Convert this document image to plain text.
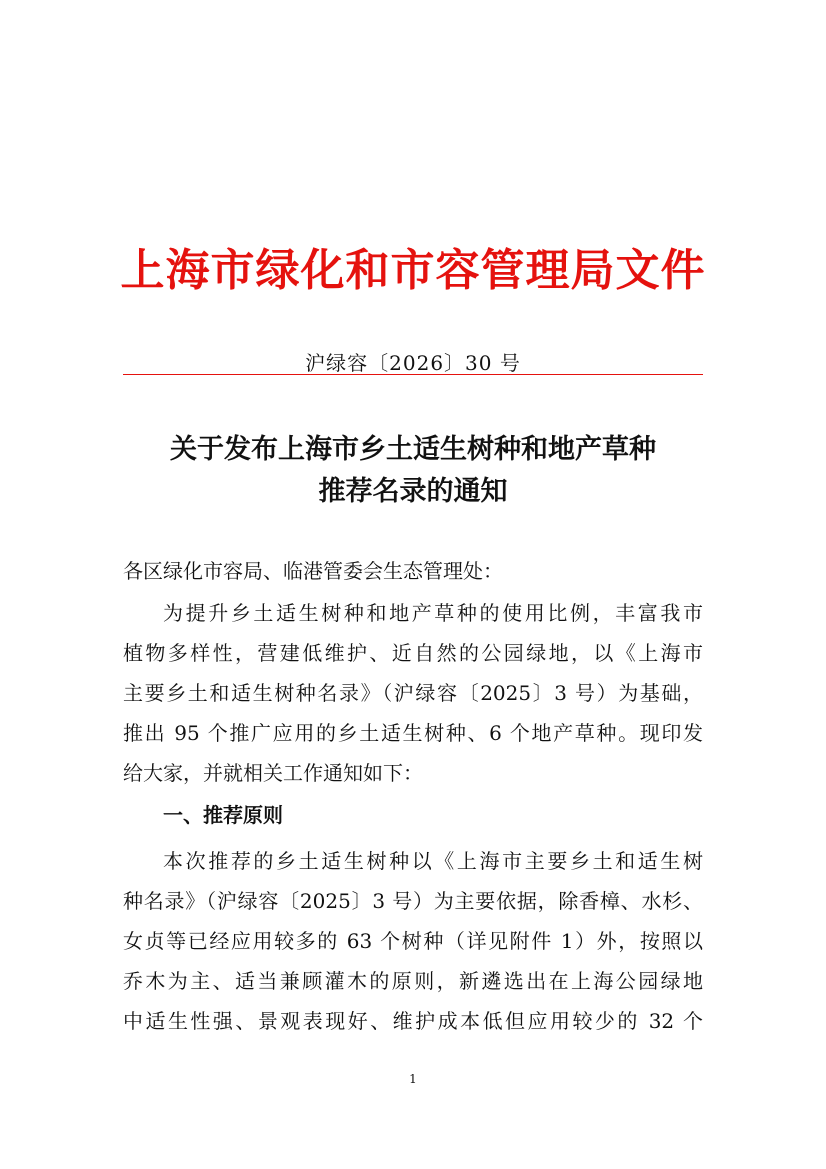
上海市绿化和市容管理局文件
沪绿容〔2026〕30 号
关于发布上海市乡土适生树种和地产草种
推荐名录的通知
各区绿化市容局、临港管委会生态管理处：
为提升乡土适生树种和地产草种的使用比例，丰富我市
植物多样性，营建低维护、近自然的公园绿地，以《上海市
主要乡土和适生树种名录》（沪绿容〔2025〕3 号）为基础，
推出 95 个推广应用的乡土适生树种、6 个地产草种。现印发
给大家，并就相关工作通知如下：
一、推荐原则
本次推荐的乡土适生树种以《上海市主要乡土和适生树
种名录》（沪绿容〔2025〕3 号）为主要依据，除香樟、水杉、
女贞等已经应用较多的 63 个树种（详见附件 1）外，按照以
乔木为主、适当兼顾灌木的原则，新遴选出在上海公园绿地
中适生性强、景观表现好、维护成本低但应用较少的 32 个
1
